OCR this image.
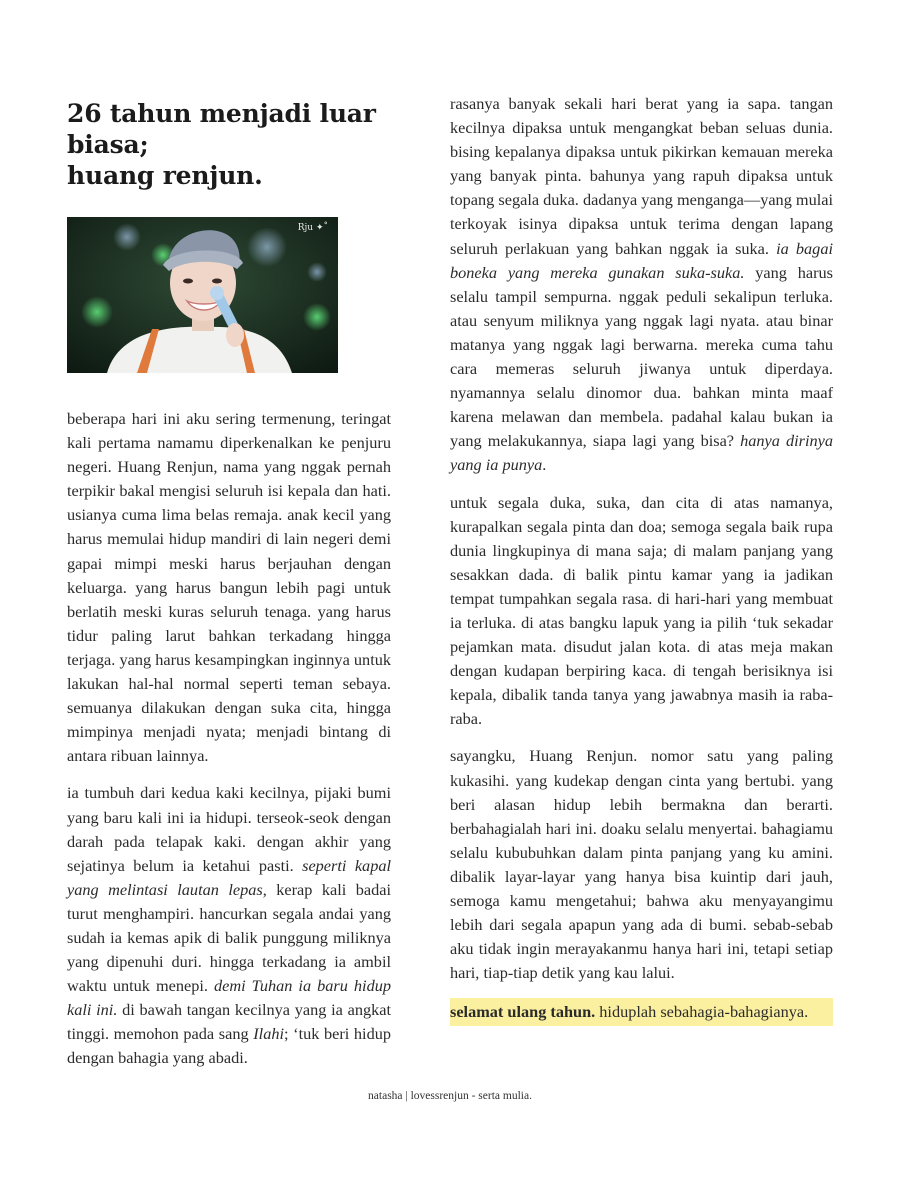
26 tahun menjadi luar biasa;
huang renjun.
Rju ✦˚

beberapa hari ini aku sering termenung, teringat kali pertama namamu diperkenalkan ke penjuru negeri. Huang Renjun, nama yang nggak pernah terpikir bakal mengisi seluruh isi kepala dan hati. usianya cuma lima belas remaja. anak kecil yang harus memulai hidup mandiri di lain negeri demi gapai mimpi meski harus berjauhan dengan keluarga. yang harus bangun lebih pagi untuk berlatih meski kuras seluruh tenaga. yang harus tidur paling larut bahkan terkadang hingga terjaga. yang harus kesampingkan inginnya untuk lakukan hal-hal normal seperti teman sebaya. semuanya dilakukan dengan suka cita, hingga mimpinya menjadi nyata; menjadi bintang di antara ribuan lainnya.

ia tumbuh dari kedua kaki kecilnya, pijaki bumi yang baru kali ini ia hidupi. terseok-seok dengan darah pada telapak kaki. dengan akhir yang sejatinya belum ia ketahui pasti. seperti kapal yang melintasi lautan lepas, kerap kali badai turut menghampiri. hancurkan segala andai yang sudah ia kemas apik di balik punggung miliknya yang dipenuhi duri. hingga terkadang ia ambil waktu untuk menepi. demi Tuhan ia baru hidup kali ini. di bawah tangan kecilnya yang ia angkat tinggi. memohon pada sang Ilahi; ‘tuk beri hidup dengan bahagia yang abadi.

rasanya banyak sekali hari berat yang ia sapa. tangan kecilnya dipaksa untuk mengangkat beban seluas dunia. bising kepalanya dipaksa untuk pikirkan kemauan mereka yang banyak pinta. bahunya yang rapuh dipaksa untuk topang segala duka. dadanya yang menganga—yang mulai terkoyak isinya dipaksa untuk terima dengan lapang seluruh perlakuan yang bahkan nggak ia suka. ia bagai boneka yang mereka gunakan suka-suka. yang harus selalu tampil sempurna. nggak peduli sekalipun terluka. atau senyum miliknya yang nggak lagi nyata. atau binar matanya yang nggak lagi berwarna. mereka cuma tahu cara memeras seluruh jiwanya untuk diperdaya. nyamannya selalu dinomor dua. bahkan minta maaf karena melawan dan membela. padahal kalau bukan ia yang melakukannya, siapa lagi yang bisa? hanya dirinya yang ia punya.

untuk segala duka, suka, dan cita di atas namanya, kurapalkan segala pinta dan doa; semoga segala baik rupa dunia lingkupinya di mana saja; di malam panjang yang sesakkan dada. di balik pintu kamar yang ia jadikan tempat tumpahkan segala rasa. di hari-hari yang membuat ia terluka. di atas bangku lapuk yang ia pilih ‘tuk sekadar pejamkan mata. disudut jalan kota. di atas meja makan dengan kudapan berpiring kaca. di tengah berisiknya isi kepala, dibalik tanda tanya yang jawabnya masih ia raba-raba.

sayangku, Huang Renjun. nomor satu yang paling kukasihi. yang kudekap dengan cinta yang bertubi. yang beri alasan hidup lebih bermakna dan berarti. berbahagialah hari ini. doaku selalu menyertai. bahagiamu selalu kububuhkan dalam pinta panjang yang ku amini. dibalik layar-layar yang hanya bisa kuintip dari jauh, semoga kamu mengetahui; bahwa aku menyayangimu lebih dari segala apapun yang ada di bumi. sebab-sebab aku tidak ingin merayakanmu hanya hari ini, tetapi setiap hari, tiap-tiap detik yang kau lalui.

selamat ulang tahun. hiduplah sebahagia-bahagianya.

natasha | lovessrenjun - serta mulia.
